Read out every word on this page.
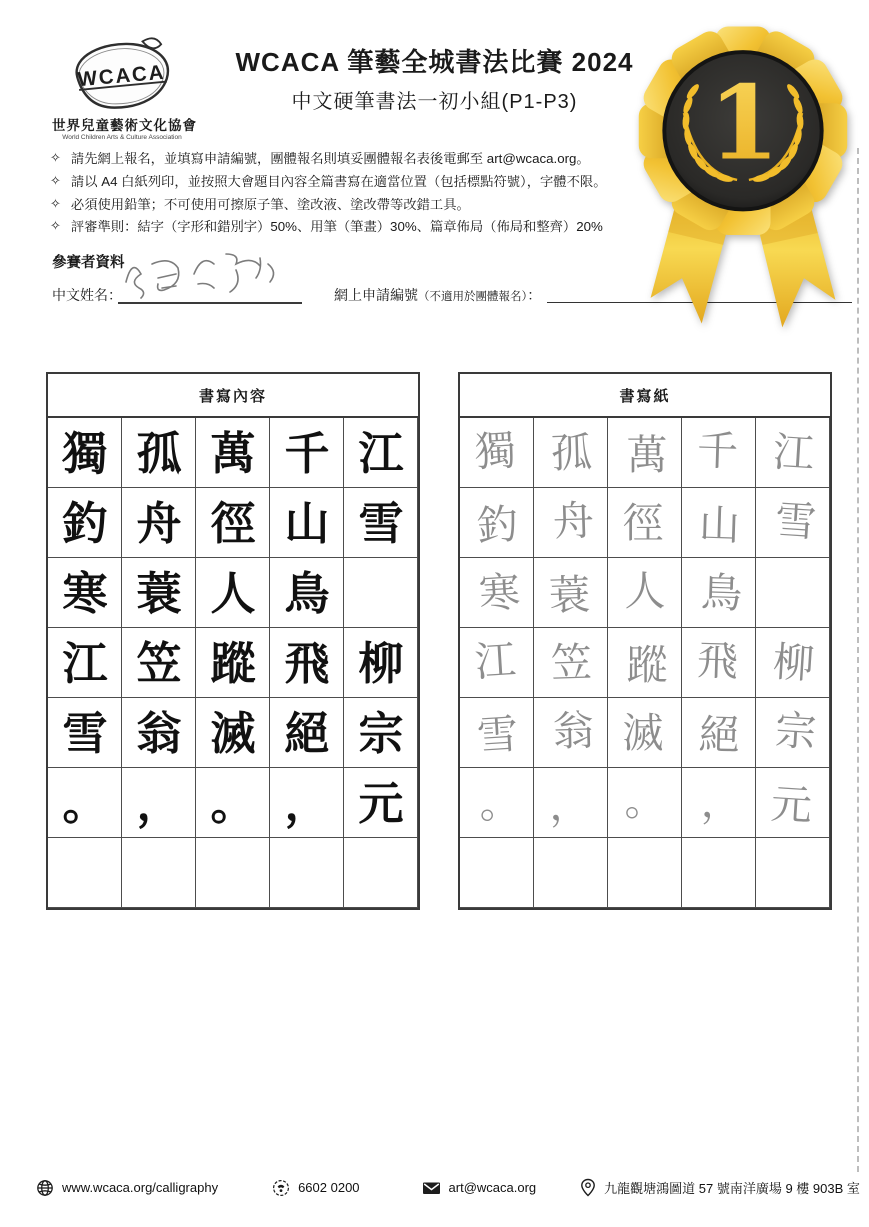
WCACA
世界兒童藝術文化協會
World Children Arts & Culture Association
WCACA 筆藝全城書法比賽 2024
中文硬筆書法一初小組(P1-P3)
✧ 請先網上報名，並填寫申請編號，團體報名則填妥團體報名表後電郵至 art@wcaca.org。
✧ 請以 A4 白紙列印，並按照大會題目內容全篇書寫在適當位置（包括標點符號），字體不限。
✧ 必須使用鉛筆；不可使用可擦原子筆、塗改液、塗改帶等改錯工具。
✧ 評審準則：結字（字形和錯別字）50%、用筆（筆畫）30%、篇章佈局（佈局和整齊）20%
參賽者資料
中文姓名：	網上申請編號（不適用於團體報名）：
書寫內容
獨 孤 萬 千 江
釣 舟 徑 山 雪
寒 蓑 人 鳥
江 笠 蹤 飛 柳
雪 翁 滅 絕 宗
。 ， 。 ， 元
書寫紙
獨 孤 萬 千 江
釣 舟 徑 山 雪
寒 蓑 人 鳥
江 笠 蹤 飛 柳
雪 翁 滅 絕 宗
。 ， 。 ， 元
1
www.wcaca.org/calligraphy	6602 0200	art@wcaca.org	九龍觀塘鴻圖道 57 號南洋廣場 9 樓 903B 室
